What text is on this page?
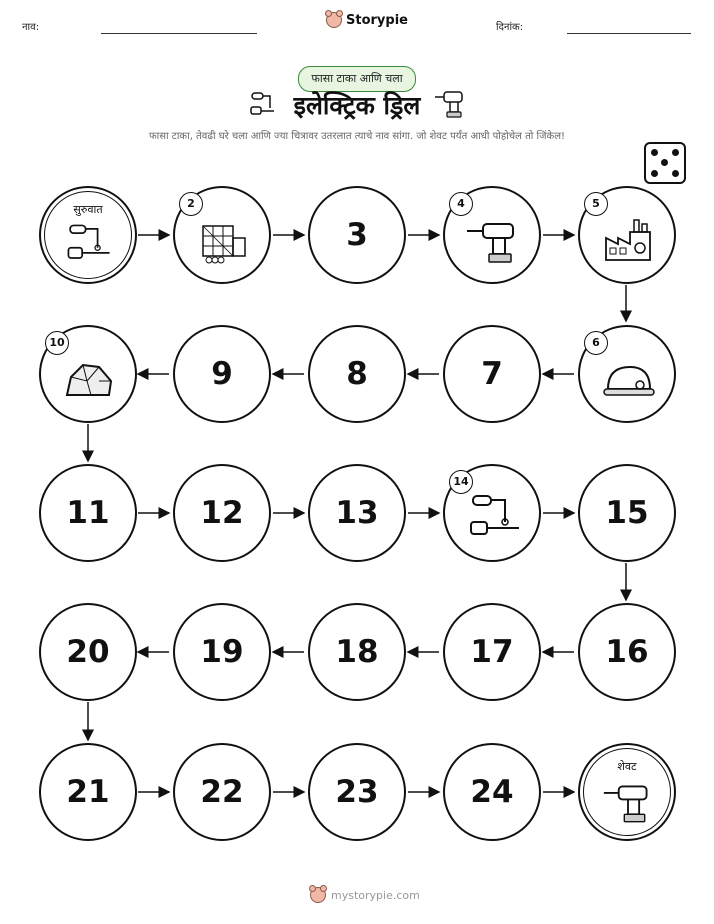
नाव:	Storypie	दिनांक:
फासा टाका आणि चला
इलेक्ट्रिक ड्रिल
फासा टाका, तेवढी घरे चला आणि ज्या चित्रावर उतरलात त्याचे नाव सांगा. जो शेवट पर्यंत आधी पोहोचेल तो जिंकेल!
सुरुवात	2
3
4	5
6
7
8
9
10
11	12	13
14
15
16
17
18
19
20
21	22	23	24
शेवट
mystorypie.com
